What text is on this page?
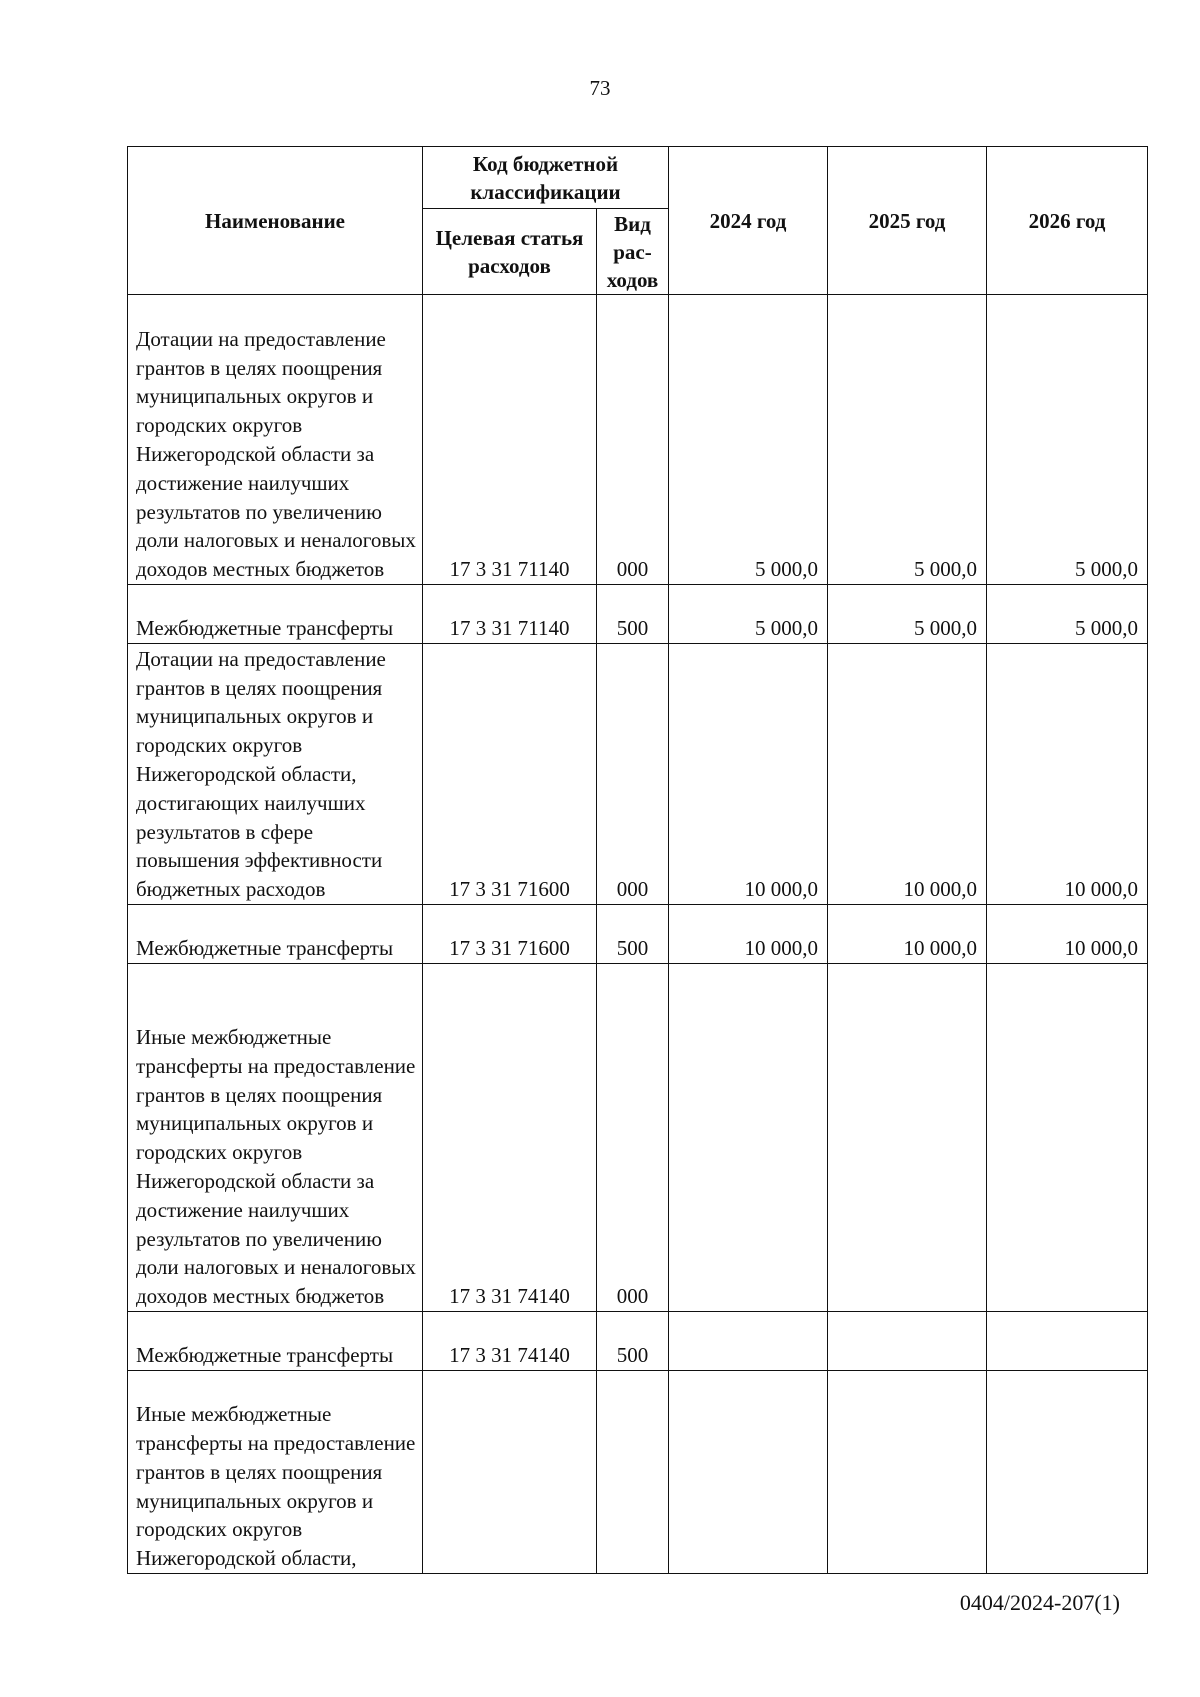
73
Наименование	Код бюджетной классификации		2024 год	2025 год	2026 год
	Целевая статья расходов	Вид рас-ходов			
Дотации на предоставление грантов в целях поощрения муниципальных округов и городских округов Нижегородской области за достижение наилучших результатов по увеличению доли налоговых и неналоговых доходов местных бюджетов	17 3 31 71140	000	5 000,0	5 000,0	5 000,0
Межбюджетные трансферты	17 3 31 71140	500	5 000,0	5 000,0	5 000,0
Дотации на предоставление грантов в целях поощрения муниципальных округов и городских округов Нижегородской области, достигающих наилучших результатов в сфере повышения эффективности бюджетных расходов	17 3 31 71600	000	10 000,0	10 000,0	10 000,0
Межбюджетные трансферты	17 3 31 71600	500	10 000,0	10 000,0	10 000,0
Иные межбюджетные трансферты на предоставление грантов в целях поощрения муниципальных округов и городских округов Нижегородской области за достижение наилучших результатов по увеличению доли налоговых и неналоговых доходов местных бюджетов	17 3 31 74140	000			
Межбюджетные трансферты	17 3 31 74140	500			
Иные межбюджетные трансферты на предоставление грантов в целях поощрения муниципальных округов и городских округов Нижегородской области,					
0404/2024-207(1)
